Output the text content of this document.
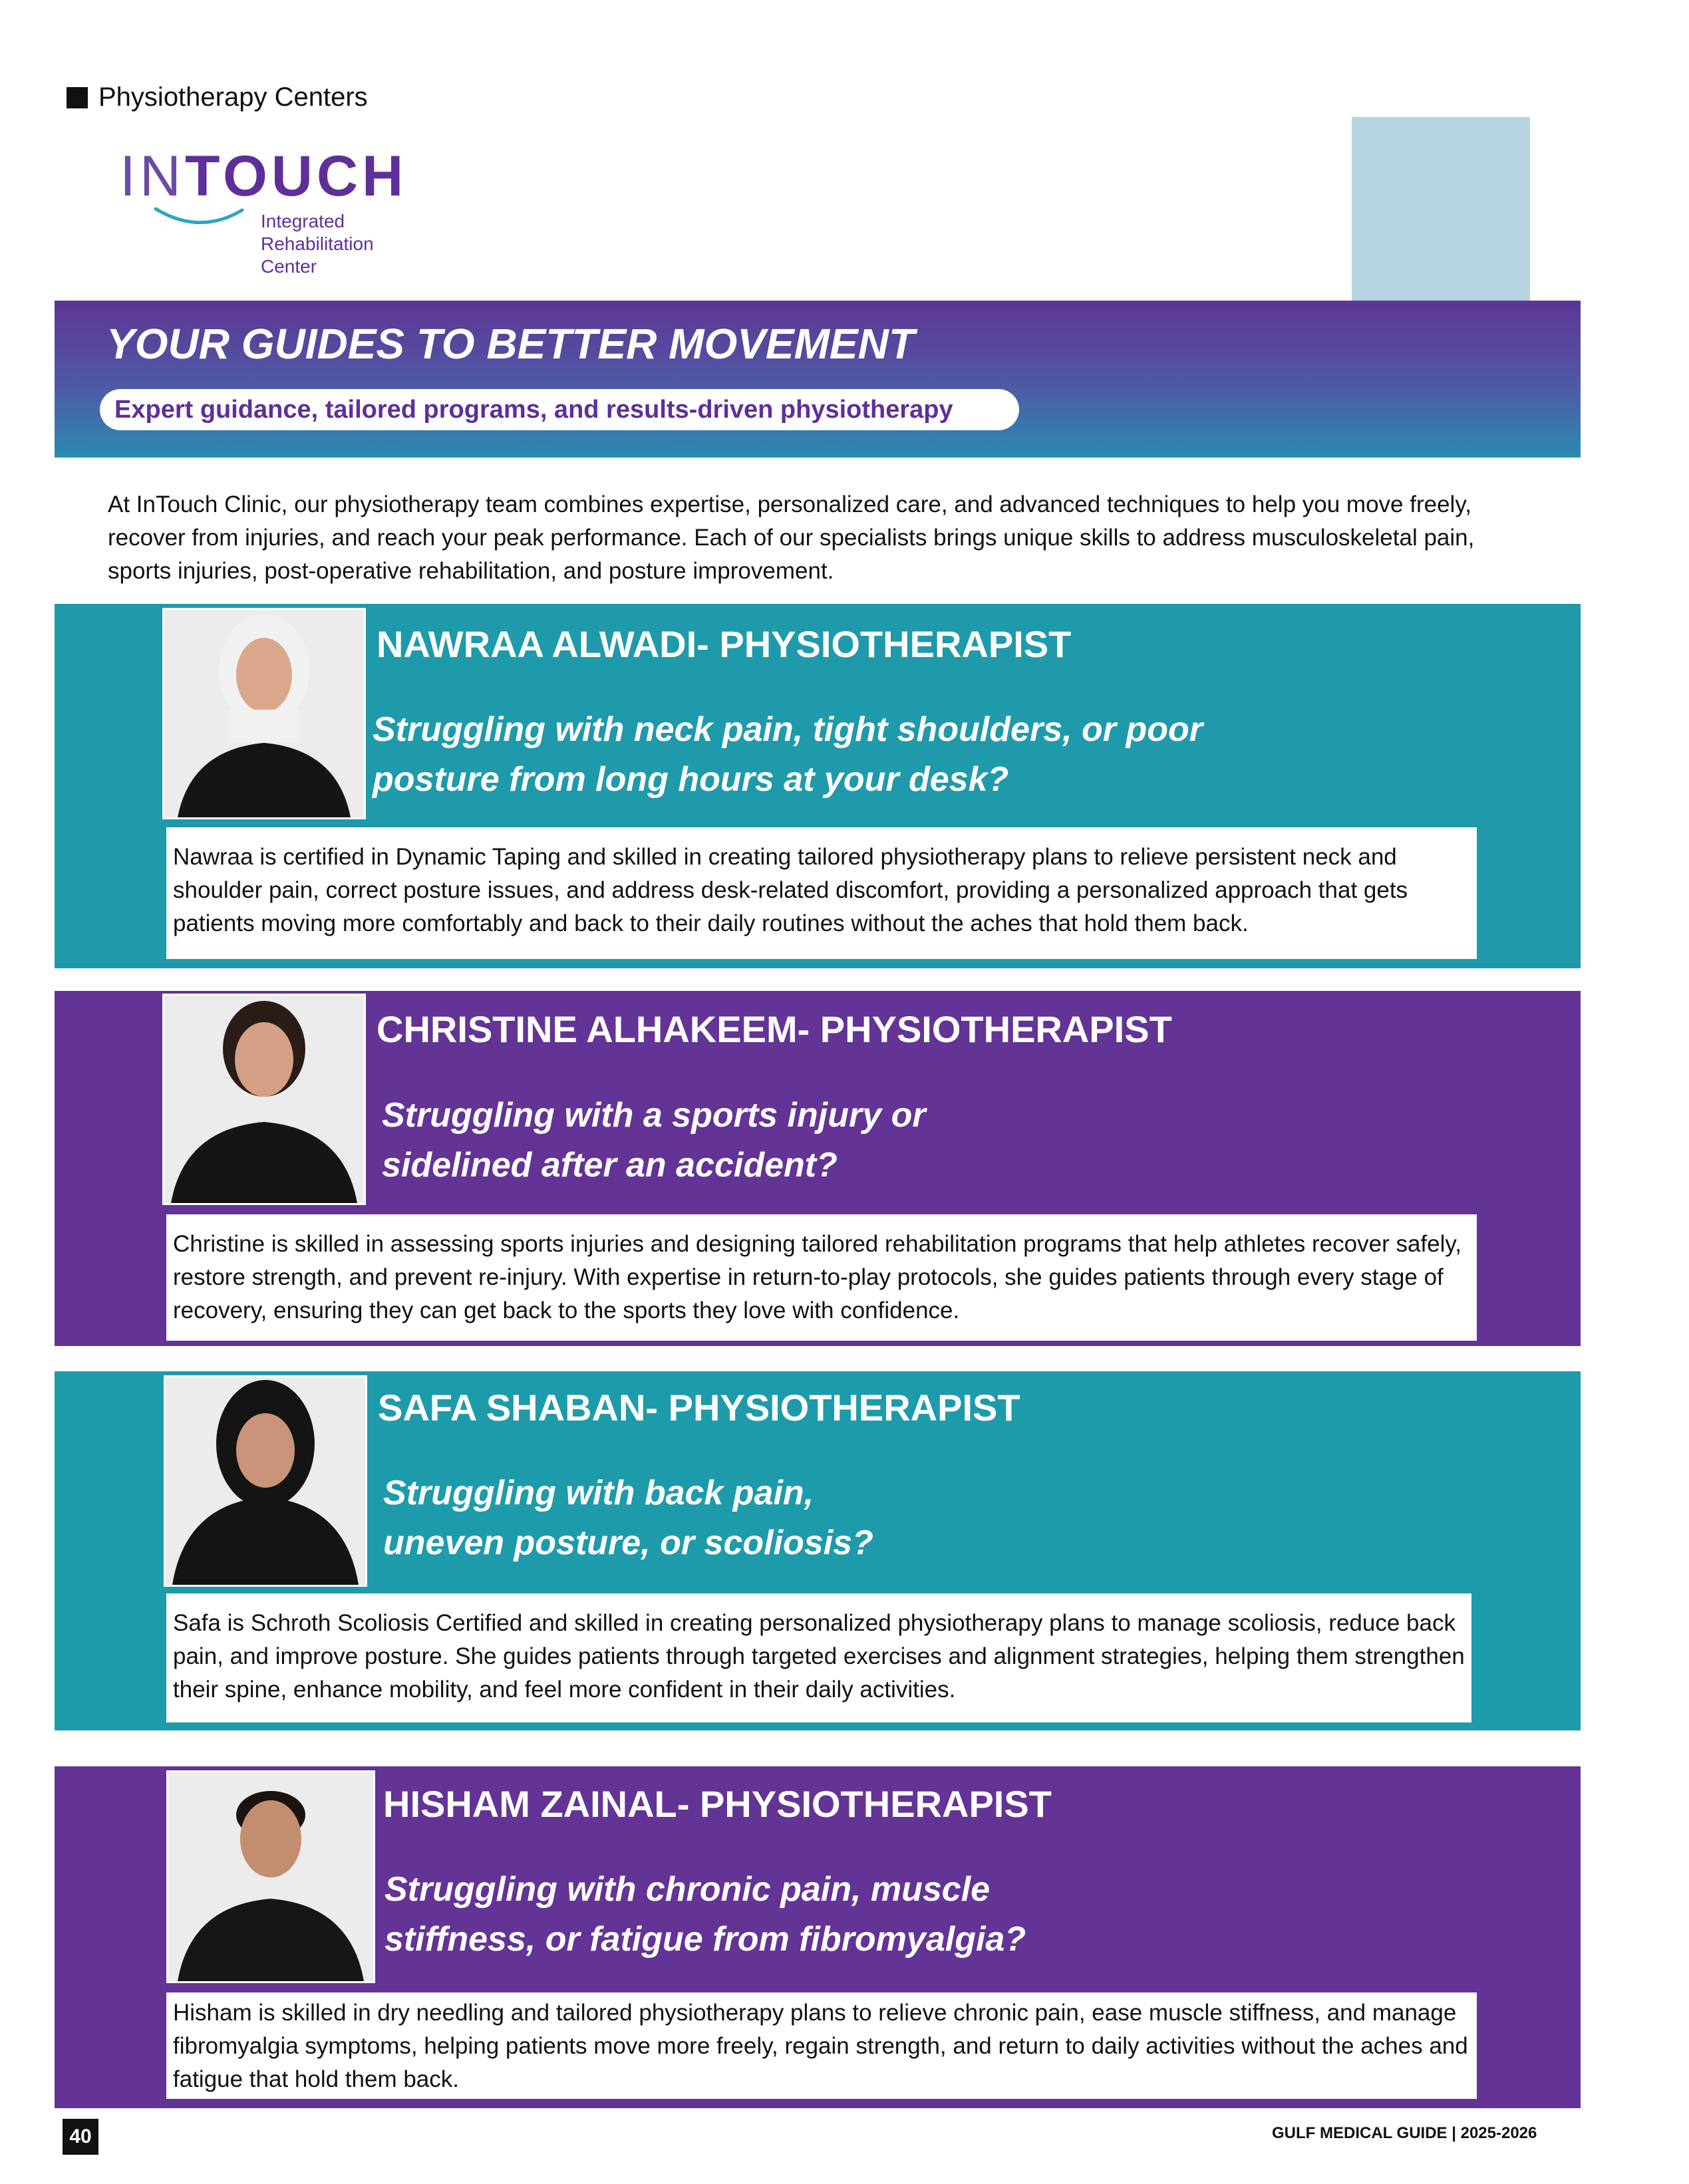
Physiotherapy Centers
INTOUCH
Integrated
Rehabilitation
Center
YOUR GUIDES TO BETTER MOVEMENT
Expert guidance, tailored programs, and results-driven physiotherapy
At InTouch Clinic, our physiotherapy team combines expertise, personalized care, and advanced techniques to help you move freely, recover from injuries, and reach your peak performance. Each of our specialists brings unique skills to address musculoskeletal pain, sports injuries, post-operative rehabilitation, and posture improvement.
NAWRAA ALWADI- PHYSIOTHERAPIST
Struggling with neck pain, tight shoulders, or poor
posture from long hours at your desk?
Nawraa is certified in Dynamic Taping and skilled in creating tailored physiotherapy plans to relieve persistent neck and shoulder pain, correct posture issues, and address desk-related discomfort, providing a personalized approach that gets patients moving more comfortably and back to their daily routines without the aches that hold them back.
CHRISTINE ALHAKEEM- PHYSIOTHERAPIST
Struggling with a sports injury or
sidelined after an accident?
Christine is skilled in assessing sports injuries and designing tailored rehabilitation programs that help athletes recover safely, restore strength, and prevent re-injury. With expertise in return-to-play protocols, she guides patients through every stage of recovery, ensuring they can get back to the sports they love with confidence.
SAFA SHABAN- PHYSIOTHERAPIST
Struggling with back pain,
uneven posture, or scoliosis?
Safa is Schroth Scoliosis Certified and skilled in creating personalized physiotherapy plans to manage scoliosis, reduce back pain, and improve posture. She guides patients through targeted exercises and alignment strategies, helping them strengthen their spine, enhance mobility, and feel more confident in their daily activities.
HISHAM ZAINAL- PHYSIOTHERAPIST
Struggling with chronic pain, muscle
stiffness, or fatigue from fibromyalgia?
Hisham is skilled in dry needling and tailored physiotherapy plans to relieve chronic pain, ease muscle stiffness, and manage fibromyalgia symptoms, helping patients move more freely, regain strength, and return to daily activities without the aches and fatigue that hold them back.
40	GULF MEDICAL GUIDE | 2025-2026
